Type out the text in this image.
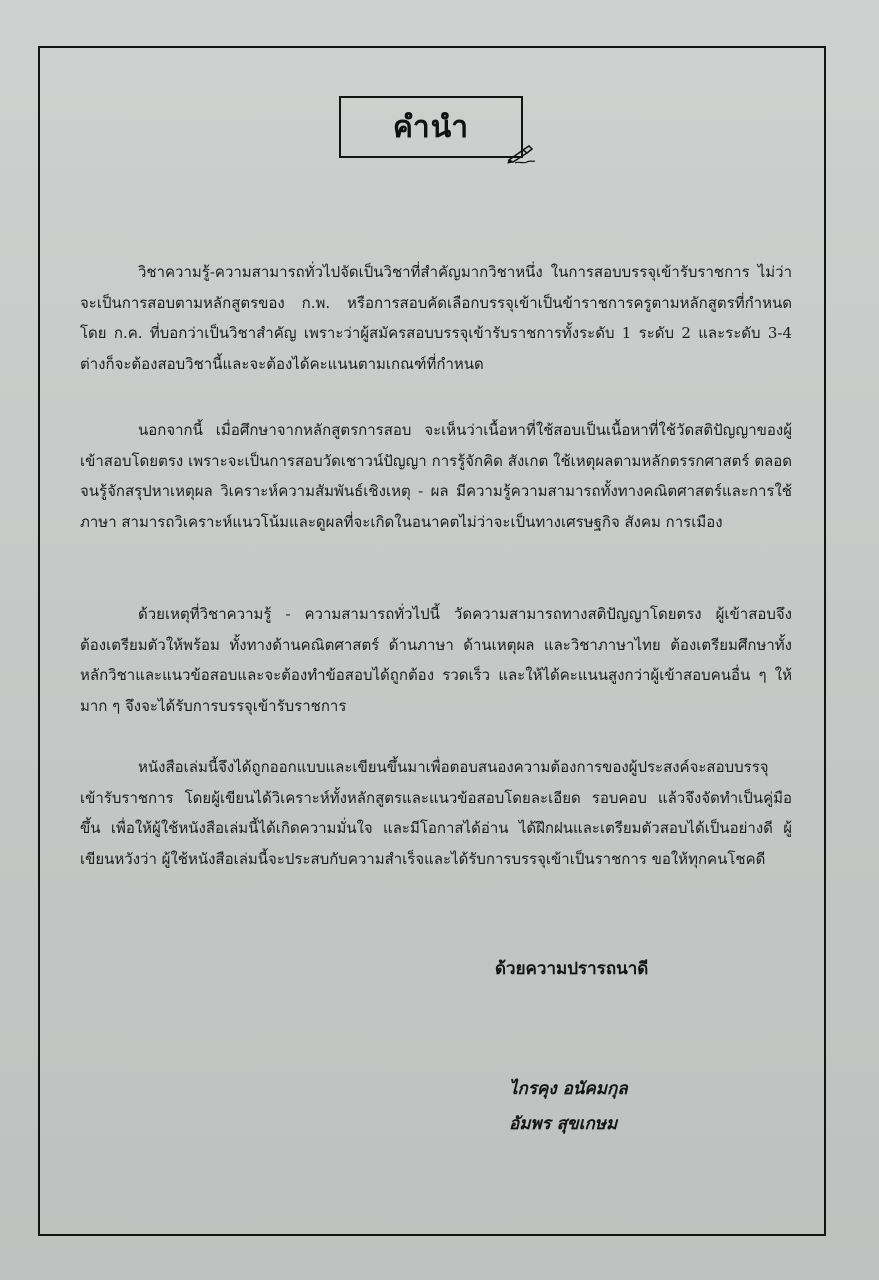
คำนำ

วิชาความรู้-ความสามารถทั่วไปจัดเป็นวิชาที่สำคัญมากวิชาหนึ่ง ในการสอบบรรจุเข้ารับราชการ ไม่ว่าจะเป็นการสอบตามหลักสูตรของ ก.พ. หรือการสอบคัดเลือกบรรจุเข้าเป็นข้าราชการครูตามหลักสูตรที่กำหนดโดย ก.ค. ที่บอกว่าเป็นวิชาสำคัญ เพราะว่าผู้สมัครสอบบรรจุเข้ารับราชการทั้งระดับ 1 ระดับ 2 และระดับ 3-4 ต่างก็จะต้องสอบวิชานี้และจะต้องได้คะแนนตามเกณฑ์ที่กำหนด

นอกจากนี้ เมื่อศึกษาจากหลักสูตรการสอบ จะเห็นว่าเนื้อหาที่ใช้สอบเป็นเนื้อหาที่ใช้วัดสติปัญญาของผู้เข้าสอบโดยตรง เพราะจะเป็นการสอบวัดเชาวน์ปัญญา การรู้จักคิด สังเกต ใช้เหตุผลตามหลักตรรกศาสตร์ ตลอดจนรู้จักสรุปหาเหตุผล วิเคราะห์ความสัมพันธ์เชิงเหตุ - ผล มีความรู้ความสามารถทั้งทางคณิตศาสตร์และการใช้ภาษา สามารถวิเคราะห์แนวโน้มและดูผลที่จะเกิดในอนาคตไม่ว่าจะเป็นทางเศรษฐกิจ สังคม การเมือง

ด้วยเหตุที่วิชาความรู้ - ความสามารถทั่วไปนี้ วัดความสามารถทางสติปัญญาโดยตรง ผู้เข้าสอบจึงต้องเตรียมตัวให้พร้อม ทั้งทางด้านคณิตศาสตร์ ด้านภาษา ด้านเหตุผล และวิชาภาษาไทย ต้องเตรียมศึกษาทั้งหลักวิชาและแนวข้อสอบและจะต้องทำข้อสอบได้ถูกต้อง รวดเร็ว และให้ได้คะแนนสูงกว่าผู้เข้าสอบคนอื่น ๆ ให้มาก ๆ จึงจะได้รับการบรรจุเข้ารับราชการ

หนังสือเล่มนี้จึงได้ถูกออกแบบและเขียนขึ้นมาเพื่อตอบสนองความต้องการของผู้ประสงค์จะสอบบรรจุเข้ารับราชการ โดยผู้เขียนได้วิเคราะห์ทั้งหลักสูตรและแนวข้อสอบโดยละเอียด รอบคอบ แล้วจึงจัดทำเป็นคู่มือขึ้น เพื่อให้ผู้ใช้หนังสือเล่มนี้ได้เกิดความมั่นใจ และมีโอกาสได้อ่าน ได้ฝึกฝนและเตรียมตัวสอบได้เป็นอย่างดี ผู้เขียนหวังว่า ผู้ใช้หนังสือเล่มนี้จะประสบกับความสำเร็จและได้รับการบรรจุเข้าเป็นราชการ ขอให้ทุกคนโชคดี

ด้วยความปรารถนาดี
ไกรคุง อนัคมกุล
อัมพร สุขเกษม
